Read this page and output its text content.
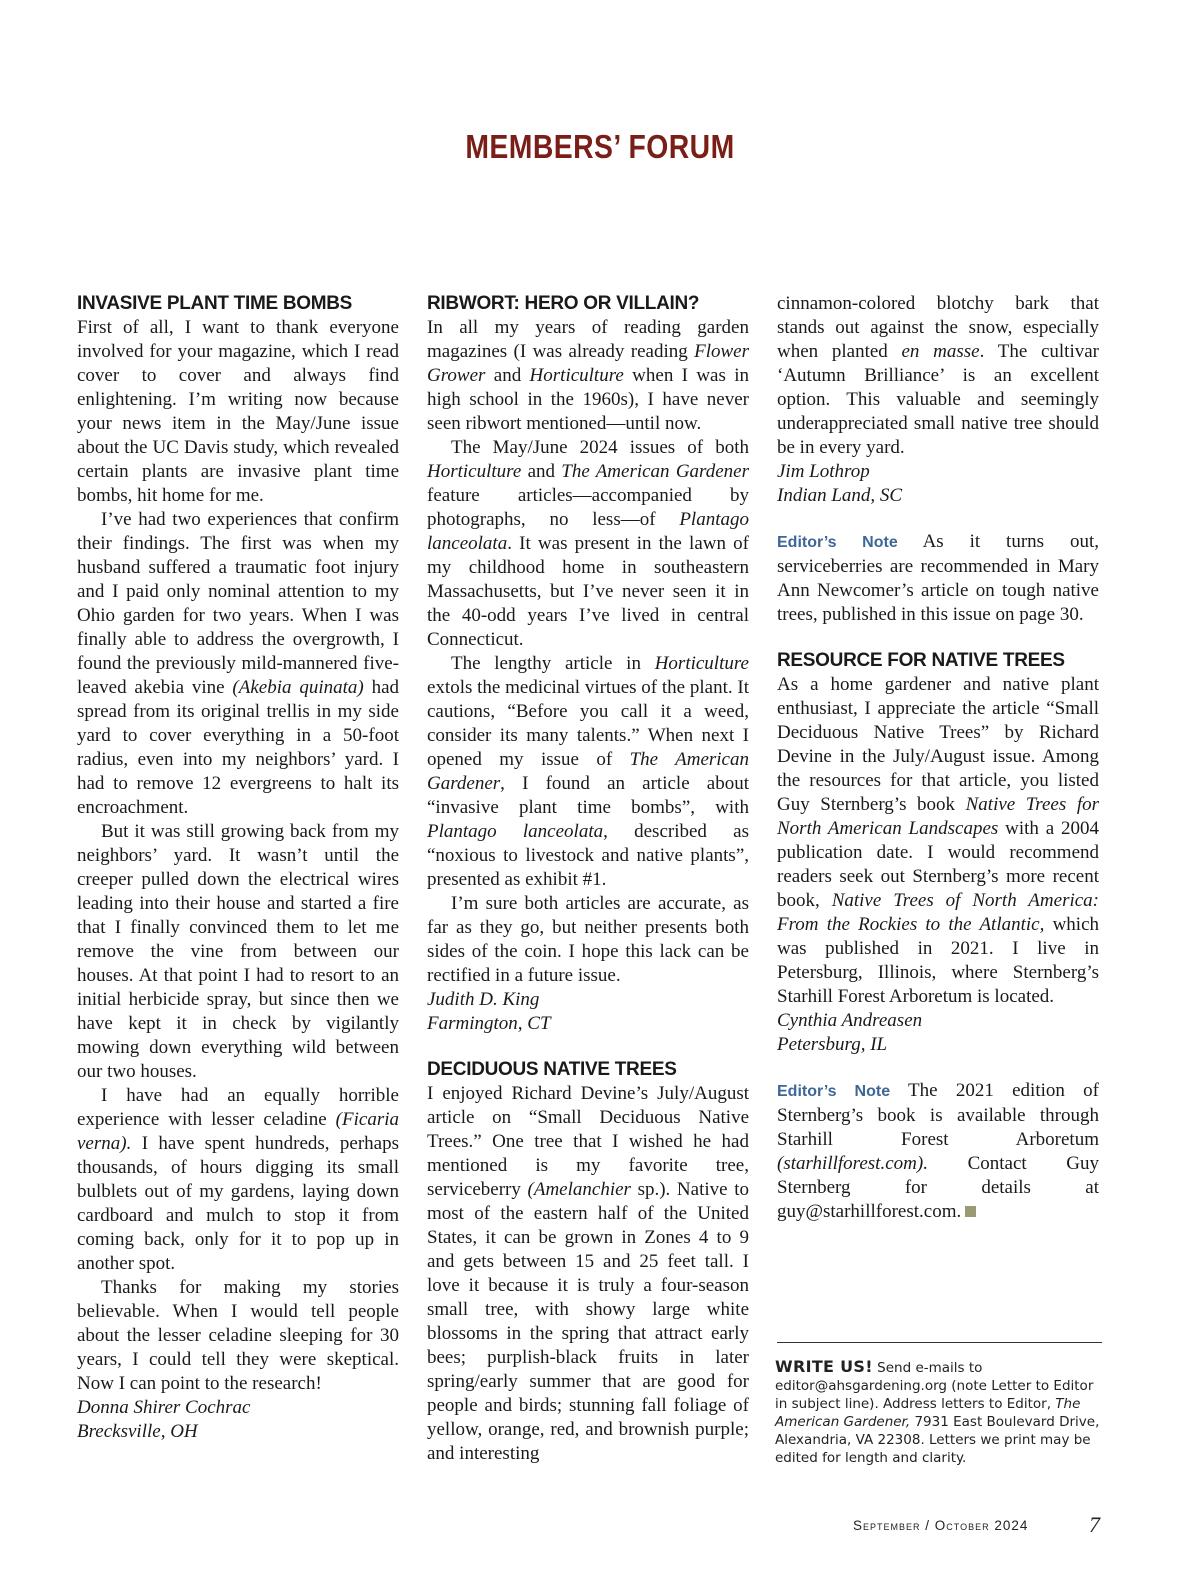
MEMBERS’ FORUM
INVASIVE PLANT TIME BOMBS

First of all, I want to thank everyone involved for your magazine, which I read cover to cover and always find enlightening. I’m writing now because your news item in the May/June issue about the UC Davis study, which revealed certain plants are invasive plant time bombs, hit home for me.

I’ve had two experiences that confirm their findings. The first was when my husband suffered a traumatic foot injury and I paid only nominal attention to my Ohio garden for two years. When I was finally able to address the overgrowth, I found the previously mild-mannered five-leaved akebia vine (Akebia quinata) had spread from its original trellis in my side yard to cover everything in a 50-foot radius, even into my neighbors’ yard. I had to remove 12 evergreens to halt its encroachment.

But it was still growing back from my neighbors’ yard. It wasn’t until the creeper pulled down the electrical wires leading into their house and started a fire that I finally convinced them to let me remove the vine from between our houses. At that point I had to resort to an initial herbicide spray, but since then we have kept it in check by vigilantly mowing down everything wild between our two houses.

I have had an equally horrible experience with lesser celadine (Ficaria verna). I have spent hundreds, perhaps thousands, of hours digging its small bulblets out of my gardens, laying down cardboard and mulch to stop it from coming back, only for it to pop up in another spot.

Thanks for making my stories believable. When I would tell people about the lesser celadine sleeping for 30 years, I could tell they were skeptical. Now I can point to the research!

Donna Shirer Cochrac

Brecksville, OH

RIBWORT: HERO OR VILLAIN?

In all my years of reading garden magazines (I was already reading Flower Grower and Horticulture when I was in high school in the 1960s), I have never seen ribwort mentioned—until now.

The May/June 2024 issues of both Horticulture and The American Gardener feature articles—accompanied by photographs, no less—of Plantago lanceolata. It was present in the lawn of my childhood home in southeastern Massachusetts, but I’ve never seen it in the 40-odd years I’ve lived in central Connecticut.

The lengthy article in Horticulture extols the medicinal virtues of the plant. It cautions, “Before you call it a weed, consider its many talents.” When next I opened my issue of The American Gardener, I found an article about “invasive plant time bombs”, with Plantago lanceolata, described as “noxious to livestock and native plants”, presented as exhibit #1.

I’m sure both articles are accurate, as far as they go, but neither presents both sides of the coin. I hope this lack can be rectified in a future issue.

Judith D. King

Farmington, CT

DECIDUOUS NATIVE TREES

I enjoyed Richard Devine’s July/August article on “Small Deciduous Native Trees.” One tree that I wished he had mentioned is my favorite tree, serviceberry (Amelanchier sp.). Native to most of the eastern half of the United States, it can be grown in Zones 4 to 9 and gets between 15 and 25 feet tall. I love it because it is truly a four-season small tree, with showy large white blossoms in the spring that attract early bees; purplish-black fruits in later spring/early summer that are good for people and birds; stunning fall foliage of yellow, orange, red, and brownish purple; and interesting

cinnamon-colored blotchy bark that stands out against the snow, especially when planted en masse. The cultivar ‘Autumn Brilliance’ is an excellent option. This valuable and seemingly underappreciated small native tree should be in every yard.

Jim Lothrop

Indian Land, SC

Editor’s Note As it turns out, serviceberries are recommended in Mary Ann Newcomer’s article on tough native trees, published in this issue on page 30.

RESOURCE FOR NATIVE TREES

As a home gardener and native plant enthusiast, I appreciate the article “Small Deciduous Native Trees” by Richard Devine in the July/August issue. Among the resources for that article, you listed Guy Sternberg’s book Native Trees for North American Landscapes with a 2004 publication date. I would recommend readers seek out Sternberg’s more recent book, Native Trees of North America: From the Rockies to the Atlantic, which was published in 2021. I live in Petersburg, Illinois, where Sternberg’s Starhill Forest Arboretum is located.

Cynthia Andreasen

Petersburg, IL

Editor’s Note The 2021 edition of Sternberg’s book is available through Starhill Forest Arboretum (starhillforest.com). Contact Guy Sternberg for details at guy@starhillforest.com.

WRITE US! Send e-mails to editor@ahsgardening.org (note Letter to Editor in subject line). Address letters to Editor, The American Gardener, 7931 East Boulevard Drive, Alexandria, VA 22308. Letters we print may be edited for length and clarity.
September / October 2024	7
